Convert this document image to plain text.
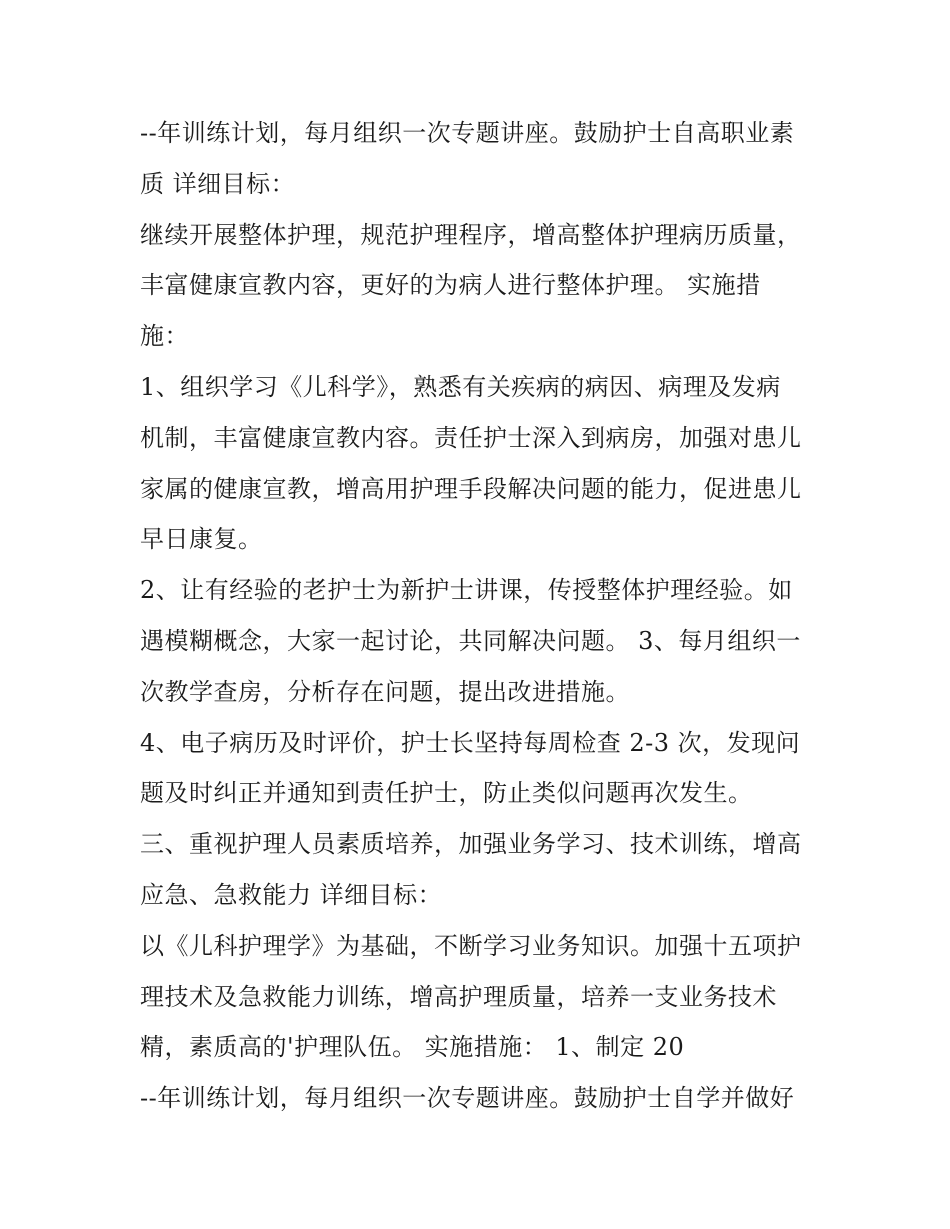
--年训练计划，每月组织一次专题讲座。鼓励护士自高职业素
质 详细目标：
继续开展整体护理，规范护理程序，增高整体护理病历质量，
丰富健康宣教内容，更好的为病人进行整体护理。 实施措
施：
1、组织学习《儿科学》，熟悉有关疾病的病因、病理及发病
机制，丰富健康宣教内容。责任护士深入到病房，加强对患儿
家属的健康宣教，增高用护理手段解决问题的能力，促进患儿
早日康复。
2、让有经验的老护士为新护士讲课，传授整体护理经验。如
遇模糊概念，大家一起讨论，共同解决问题。 3、每月组织一
次教学查房，分析存在问题，提出改进措施。
4、电子病历及时评价，护士长坚持每周检查 2-3 次，发现问
题及时纠正并通知到责任护士，防止类似问题再次发生。
三、重视护理人员素质培养，加强业务学习、技术训练，增高
应急、急救能力 详细目标：
以《儿科护理学》为基础，不断学习业务知识。加强十五项护
理技术及急救能力训练，增高护理质量，培养一支业务技术
精，素质高的'护理队伍。 实施措施： 1、制定 20
--年训练计划，每月组织一次专题讲座。鼓励护士自学并做好
